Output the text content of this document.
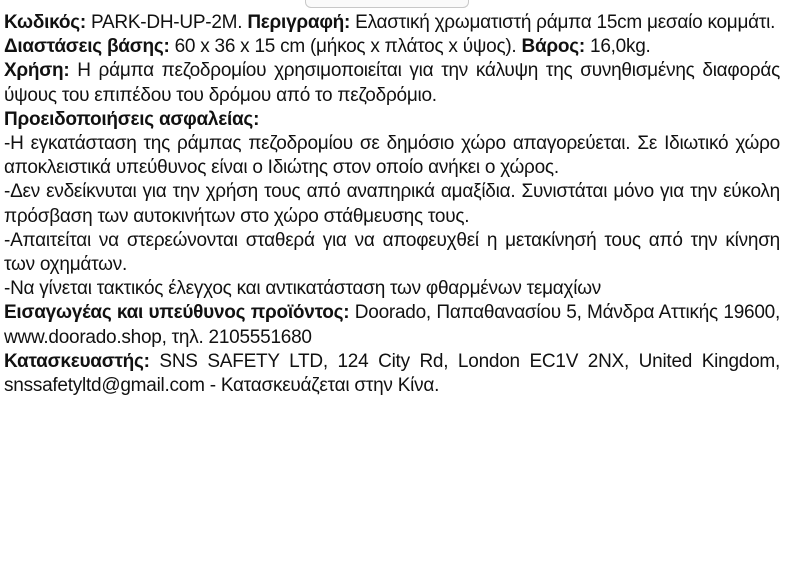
Κωδικός: PARK-DH-UP-2M. Περιγραφή: Ελαστική χρωματιστή ράμπα 15cm μεσαίο κομμάτι.

Διαστάσεις βάσης: 60 x 36 x 15 cm (μήκος x πλάτος x ύψος). Βάρος: 16,0kg.

Χρήση: Η ράμπα πεζοδρομίου χρησιμοποιείται για την κάλυψη της συνηθισμένης διαφοράς ύψους του επιπέδου του δρόμου από το πεζοδρόμιο.

Προειδοποιήσεις ασφαλείας:

-Η εγκατάσταση της ράμπας πεζοδρομίου σε δημόσιο χώρο απαγορεύεται. Σε Ιδιωτικό χώρο αποκλειστικά υπεύθυνος είναι ο Ιδιώτης στον οποίο ανήκει ο χώρος.

-Δεν ενδείκνυται για την χρήση τους από αναπηρικά αμαξίδια. Συνιστάται μόνο για την εύκολη πρόσβαση των αυτοκινήτων στο χώρο στάθμευσης τους.

-Απαιτείται να στερεώνονται σταθερά για να αποφευχθεί η μετακίνησή τους από την κίνηση των οχημάτων.

-Να γίνεται τακτικός έλεγχος και αντικατάσταση των φθαρμένων τεμαχίων

Εισαγωγέας και υπεύθυνος προϊόντος: Doorado, Παπαθανασίου 5, Μάνδρα Αττικής 19600, www.doorado.shop, τηλ. 2105551680

Κατασκευαστής: SNS SAFETY LTD, 124 City Rd, London EC1V 2NX, United Kingdom, snssafetyltd@gmail.com - Κατασκευάζεται στην Κίνα.
